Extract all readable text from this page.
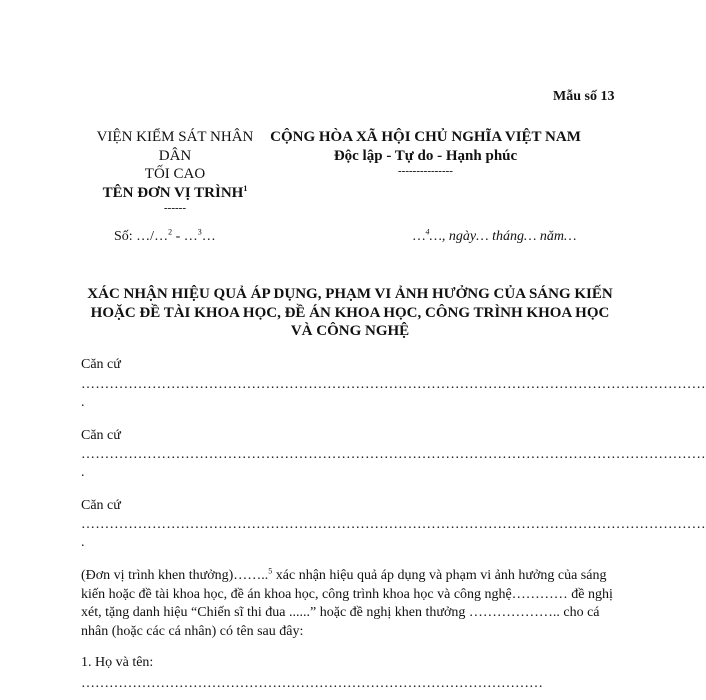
Mẫu số 13
VIỆN KIỂM SÁT NHÂN
DÂN
TỐI CAO
TÊN ĐƠN VỊ TRÌNH$^1$
------
CỘNG HÒA XÃ HỘI CHỦ NGHĨA VIỆT NAM
Độc lập - Tự do - Hạnh phúc
---------------
Số: …/…$^2$ - …$^3$…	…$^4$…, ngày… tháng… năm…
XÁC NHẬN HIỆU QUẢ ÁP DỤNG, PHẠM VI ẢNH HƯỞNG CỦA SÁNG KIẾN
HOẶC ĐỀ TÀI KHOA HỌC, ĐỀ ÁN KHOA HỌC, CÔNG TRÌNH KHOA HỌC
VÀ CÔNG NGHỆ
Căn cứ
……………………………………………………………………………………………………………………
.
Căn cứ
……………………………………………………………………………………………………………………
.
Căn cứ
……………………………………………………………………………………………………………………
.
(Đơn vị trình khen thưởng)……..$^5$ xác nhận hiệu quả áp dụng và phạm vi ảnh hưởng của sáng kiến hoặc đề tài khoa học, đề án khoa học, công trình khoa học và công nghệ………… đề nghị xét, tặng danh hiệu “Chiến sĩ thi đua ......” hoặc đề nghị khen thưởng ……………….. cho cá nhân (hoặc các cá nhân) có tên sau đây:
1. Họ và tên:
………………………………………………………………………………………
